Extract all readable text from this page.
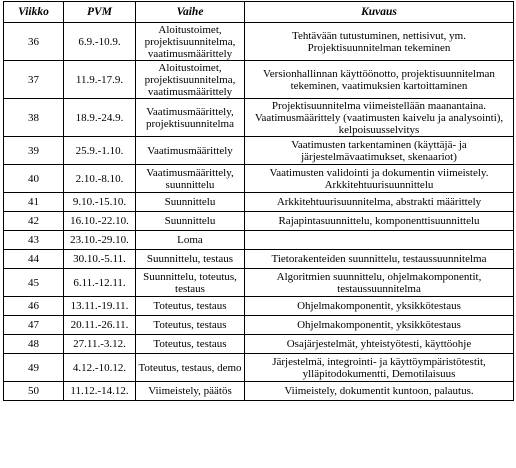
Viikko	PVM	Vaihe	Kuvaus
36	6.9.-10.9.	Aloitustoimet, projektisuunnitelma, vaatimusmäärittely	Tehtävään tutustuminen, nettisivut, ym. Projektisuunnitelman tekeminen
37	11.9.-17.9.	Aloitustoimet, projektisuunnitelma, vaatimusmäärittely	Versionhallinnan käyttöönotto, projektisuunnitelman tekeminen, vaatimuksien kartoittaminen
38	18.9.-24.9.	Vaatimusmäärittely, projektisuunnitelma	Projektisuunnitelma viimeistellään maanantaina. Vaatimusmäärittely (vaatimusten kaivelu ja analysointi), kelpoisuusselvitys
39	25.9.-1.10.	Vaatimusmäärittely	Vaatimusten tarkentaminen (käyttäjä- ja järjestelmävaatimukset, skenaariot)
40	2.10.-8.10.	Vaatimusmäärittely, suunnittelu	Vaatimusten validointi ja dokumentin viimeistely. Arkkitehtuurisuunnittelu
41	9.10.-15.10.	Suunnittelu	Arkkitehtuurisuunnitelma, abstrakti määrittely
42	16.10.-22.10.	Suunnittelu	Rajapintasuunnittelu, komponenttisuunnittelu
43	23.10.-29.10.	Loma	
44	30.10.-5.11.	Suunnittelu, testaus	Tietorakenteiden suunnittelu, testaussuunnitelma
45	6.11.-12.11.	Suunnittelu, toteutus, testaus	Algoritmien suunnittelu, ohjelmakomponentit, testaussuunnitelma
46	13.11.-19.11.	Toteutus, testaus	Ohjelmakomponentit, yksikkötestaus
47	20.11.-26.11.	Toteutus, testaus	Ohjelmakomponentit, yksikkötestaus
48	27.11.-3.12.	Toteutus, testaus	Osajärjestelmät, yhteistyötesti, käyttöohje
49	4.12.-10.12.	Toteutus, testaus, demo	Järjestelmä, integrointi- ja käyttöympäristötestit, ylläpitodokumentti, Demotilaisuus
50	11.12.-14.12.	Viimeistely, päätös	Viimeistely, dokumentit kuntoon, palautus.
